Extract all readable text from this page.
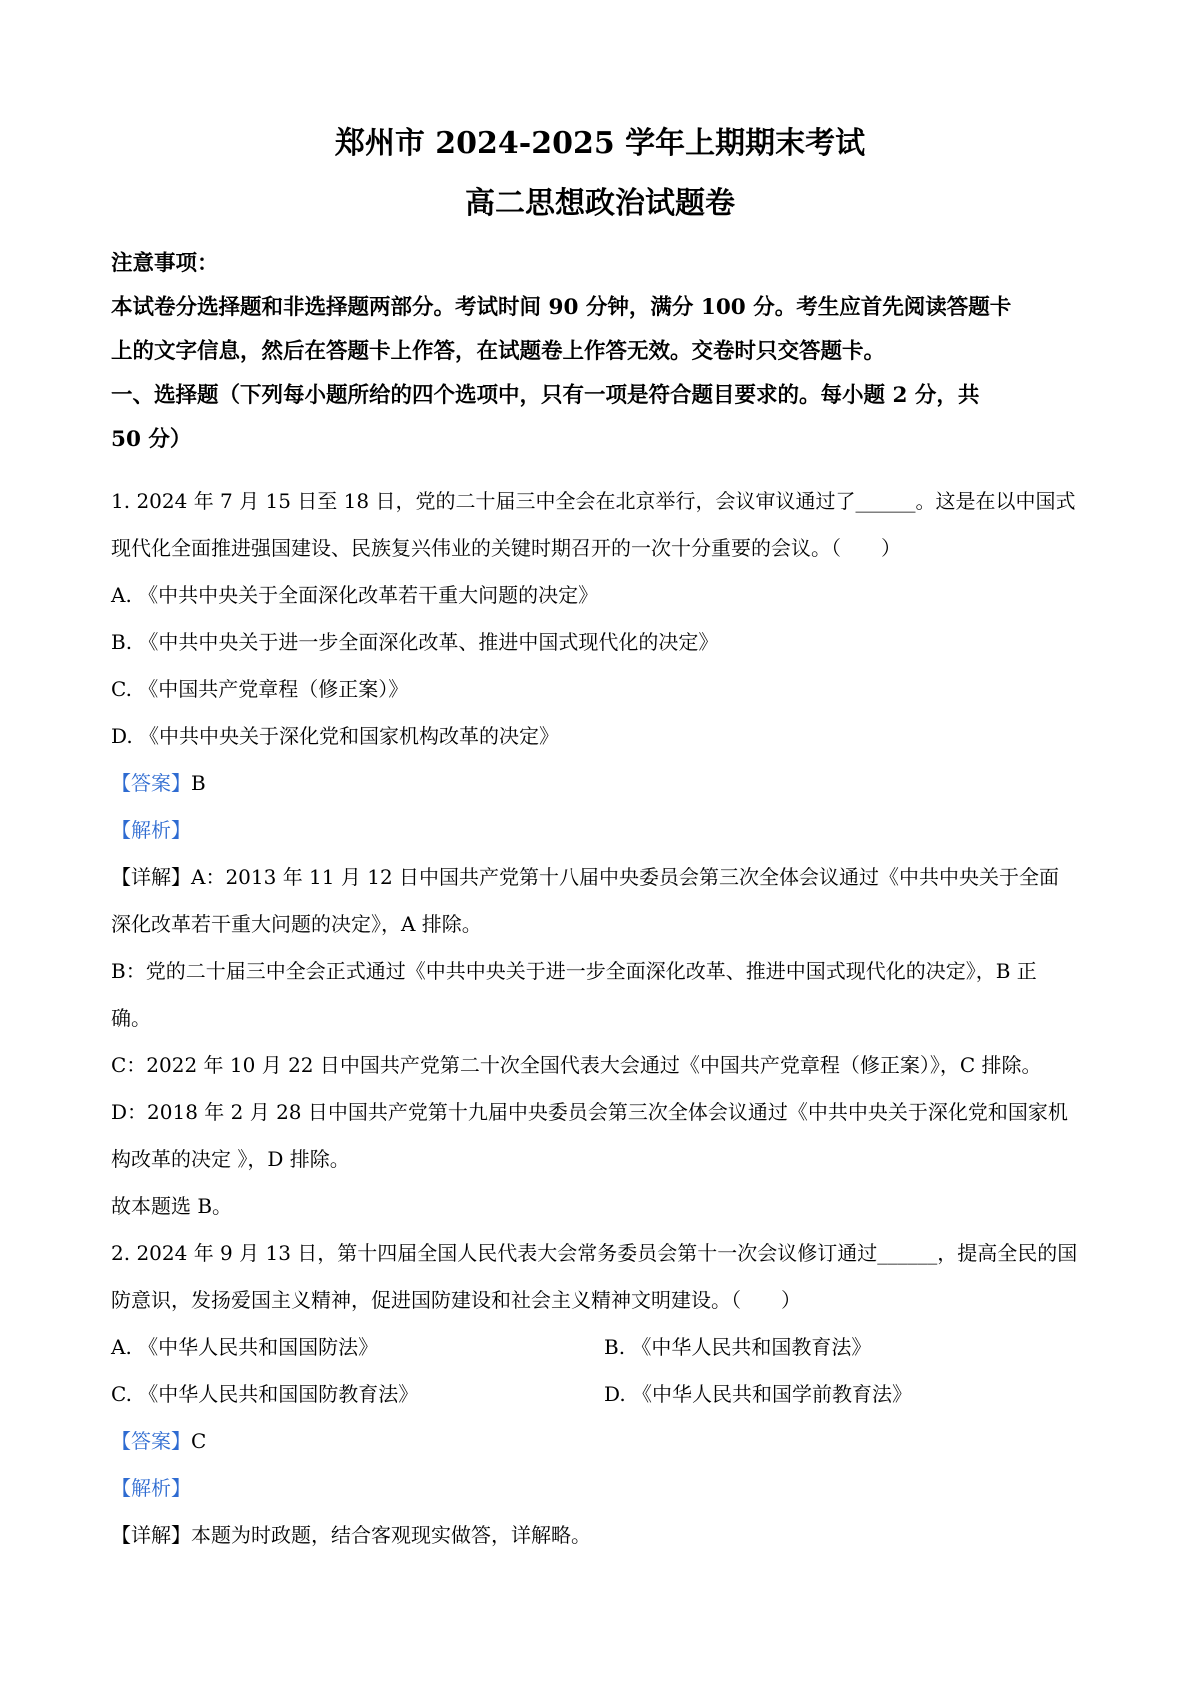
郑州市 2024-2025 学年上期期末考试
高二思想政治试题卷
注意事项：
本试卷分选择题和非选择题两部分。考试时间 90 分钟，满分 100 分。考生应首先阅读答题卡
上的文字信息，然后在答题卡上作答，在试题卷上作答无效。交卷时只交答题卡。
一、选择题（下列每小题所给的四个选项中，只有一项是符合题目要求的。每小题 2 分，共
50 分）
1. 2024 年 7 月 15 日至 18 日，党的二十届三中全会在北京举行，会议审议通过了______。这是在以中国式
现代化全面推进强国建设、民族复兴伟业的关键时期召开的一次十分重要的会议。（　　）
A. 《中共中央关于全面深化改革若干重大问题的决定》
B. 《中共中央关于进一步全面深化改革、推进中国式现代化的决定》
C. 《中国共产党章程（修正案）》
D. 《中共中央关于深化党和国家机构改革的决定》
【答案】B
【解析】
【详解】A：2013 年 11 月 12 日中国共产党第十八届中央委员会第三次全体会议通过《中共中央关于全面
深化改革若干重大问题的决定》，A 排除。
B：党的二十届三中全会正式通过《中共中央关于进一步全面深化改革、推进中国式现代化的决定》，B 正
确。
C：2022 年 10 月 22 日中国共产党第二十次全国代表大会通过《中国共产党章程（修正案）》，C 排除。
D：2018 年 2 月 28 日中国共产党第十九届中央委员会第三次全体会议通过《中共中央关于深化党和国家机
构改革的决定 》，D 排除。
故本题选 B。
2. 2024 年 9 月 13 日，第十四届全国人民代表大会常务委员会第十一次会议修订通过______，提高全民的国
防意识，发扬爱国主义精神，促进国防建设和社会主义精神文明建设。（　　）
A. 《中华人民共和国国防法》	B. 《中华人民共和国教育法》
C. 《中华人民共和国国防教育法》	D. 《中华人民共和国学前教育法》
【答案】C
【解析】
【详解】本题为时政题，结合客观现实做答，详解略。
